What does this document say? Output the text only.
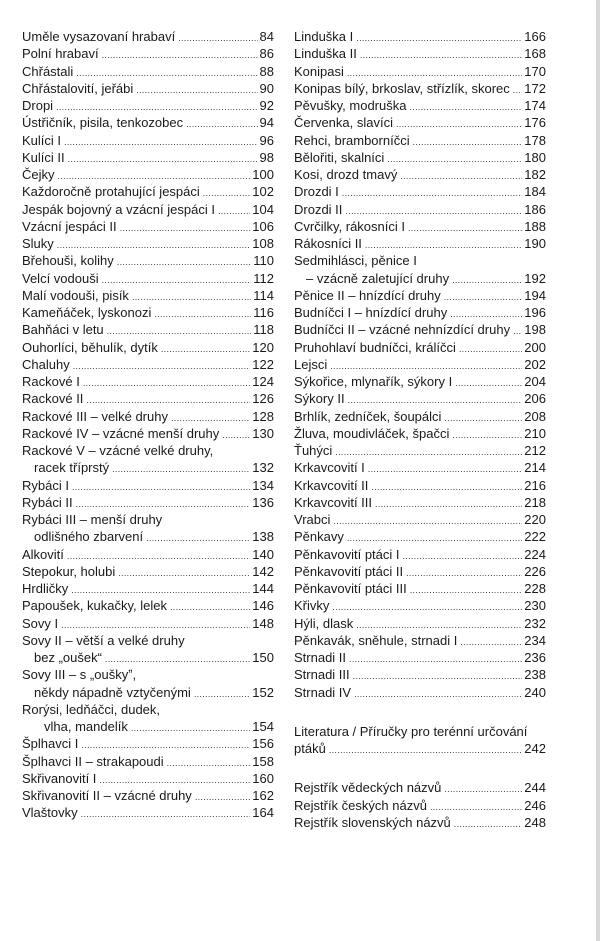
Uměle vysazovaní hrabaví . . .	84
Polní hrabaví . . .	86
Chřástali . . .	88
Chřástalovití, jeřábi . . .	90
Dropi . . .	92
Ústřičník, pisila, tenkozobec . . .	94
Kulíci I . . .	96
Kulíci II . . .	98
Čejky . . .	100
Každoročně protahující jespáci . . .	102
Jespák bojovný a vzácní jespáci I . . .	104
Vzácní jespáci II . . .	106
Sluky . . .	108
Břehouši, kolihy . . .	110
Velcí vodouši . . .	112
Malí vodouši, pisík . . .	114
Kameňáček, lyskonozi . . .	116
Bahňáci v letu . . .	118
Ouhorlíci, běhulík, dytík . . .	120
Chaluhy . . .	122
Rackové I . . .	124
Rackové II . . .	126
Rackové III – velké druhy . . .	128
Rackové IV – vzácné menší druhy . . .	130
Rackové V – vzácné velké druhy,
racek tříprstý . . .	132
Rybáci I . . .	134
Rybáci II . . .	136
Rybáci III – menší druhy
odlišného zbarvení . . .	138
Alkovití . . .	140
Stepokur, holubi . . .	142
Hrdličky . . .	144
Papoušek, kukačky, lelek . . .	146
Sovy I . . .	148
Sovy II – větší a velké druhy
bez „oušek“ . . .	150
Sovy III – s „ouškyˮ,
někdy nápadně vztyčenými . . .	152
Rorýsi, ledňáčci, dudek,
vlha, mandelík . . .	154
Šplhavci I . . .	156
Šplhavci II – strakapoudi . . .	158
Skřivanovití I . . .	160
Skřivanovití II – vzácné druhy . . .	162
Vlaštovky . . .	164
Linduška I . . .	166
Linduška II . . .	168
Konipasi . . .	170
Konipas bílý, brkoslav, střízlík, skorec . . . 172
Pěvušky, modruška . . .	174
Červenka, slavíci . . .	176
Rehci, bramborníčci . . .	178
Bělořiti, skalníci . . .	180
Kosi, drozd tmavý . . .	182
Drozdi I . . .	184
Drozdi II . . .	186
Cvrčilky, rákosníci I . . .	188
Rákosníci II . . .	190
Sedmihlásci, pěnice I
– vzácně zaletující druhy . . .	192
Pěnice II – hnízdící druhy . . .	194
Budníčci I – hnízdící druhy . . .	196
Budníčci II – vzácné nehnízdící druhy . . . 198
Pruhohlaví budníčci, králíčci . . .	200
Lejsci . . .	202
Sýkořice, mlynařík, sýkory I . . .	204
Sýkory II . . .	206
Brhlík, zedníček, šoupálci . . .	208
Žluva, moudivláček, špačci . . .	210
Ťuhýci . . .	212
Krkavcovití I . . .	214
Krkavcovití II . . .	216
Krkavcovití III . . .	218
Vrabci . . .	220
Pěnkavy . . .	222
Pěnkavovití ptáci I . . .	224
Pěnkavovití ptáci II . . .	226
Pěnkavovití ptáci III . . .	228
Křivky . . .	230
Hýli, dlask . . .	232
Pěnkavák, sněhule, strnadi I . . .	234
Strnadi II . . .	236
Strnadi III . . .	238
Strnadi IV . . .	240
Literatura / Příručky pro terénní určování
ptáků . . .	242
Rejstřík vědeckých názvů . . .	244
Rejstřík českých názvů . . .	246
Rejstřík slovenských názvů . . .	248
